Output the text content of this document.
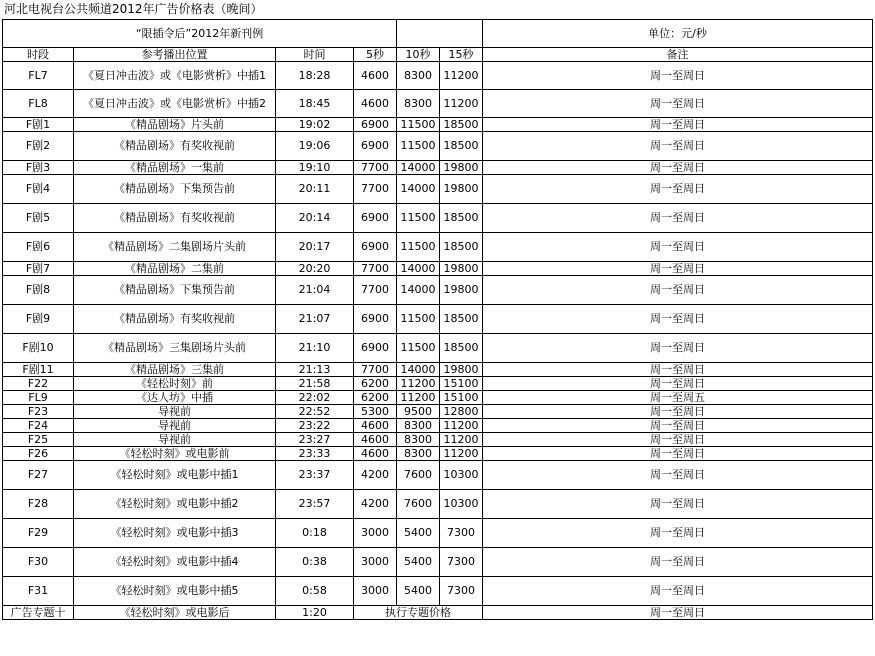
河北电视台公共频道2012年广告价格表（晚间）
“限插令后”2012年新刊例						单位：元/秒
时段	参考播出位置	时间	5秒	10秒	15秒	备注
FL7	《夏日冲击波》或《电影赏析》中插1	18:28	4600	8300	11200	周一至周日
FL8	《夏日冲击波》或《电影赏析》中插2	18:45	4600	8300	11200	周一至周日
F剧1	《精品剧场》片头前	19:02	6900	11500	18500	周一至周日
F剧2	《精品剧场》有奖收视前	19:06	6900	11500	18500	周一至周日
F剧3	《精品剧场》一集前	19:10	7700	14000	19800	周一至周日
F剧4	《精品剧场》下集预告前	20:11	7700	14000	19800	周一至周日
F剧5	《精品剧场》有奖收视前	20:14	6900	11500	18500	周一至周日
F剧6	《精品剧场》二集剧场片头前	20:17	6900	11500	18500	周一至周日
F剧7	《精品剧场》二集前	20:20	7700	14000	19800	周一至周日
F剧8	《精品剧场》下集预告前	21:04	7700	14000	19800	周一至周日
F剧9	《精品剧场》有奖收视前	21:07	6900	11500	18500	周一至周日
F剧10	《精品剧场》三集剧场片头前	21:10	6900	11500	18500	周一至周日
F剧11	《精品剧场》三集前	21:13	7700	14000	19800	周一至周日
F22	《轻松时刻》前	21:58	6200	11200	15100	周一至周日
FL9	《达人坊》中插	22:02	6200	11200	15100	周一至周五
F23	导视前	22:52	5300	9500	12800	周一至周日
F24	导视前	23:22	4600	8300	11200	周一至周日
F25	导视前	23:27	4600	8300	11200	周一至周日
F26	《轻松时刻》或电影前	23:33	4600	8300	11200	周一至周日
F27	《轻松时刻》或电影中插1	23:37	4200	7600	10300	周一至周日
F28	《轻松时刻》或电影中插2	23:57	4200	7600	10300	周一至周日
F29	《轻松时刻》或电影中插3	0:18	3000	5400	7300	周一至周日
F30	《轻松时刻》或电影中插4	0:38	3000	5400	7300	周一至周日
F31	《轻松时刻》或电影中插5	0:58	3000	5400	7300	周一至周日
广告专题十	《轻松时刻》或电影后	1:20	执行专题价格			周一至周日
